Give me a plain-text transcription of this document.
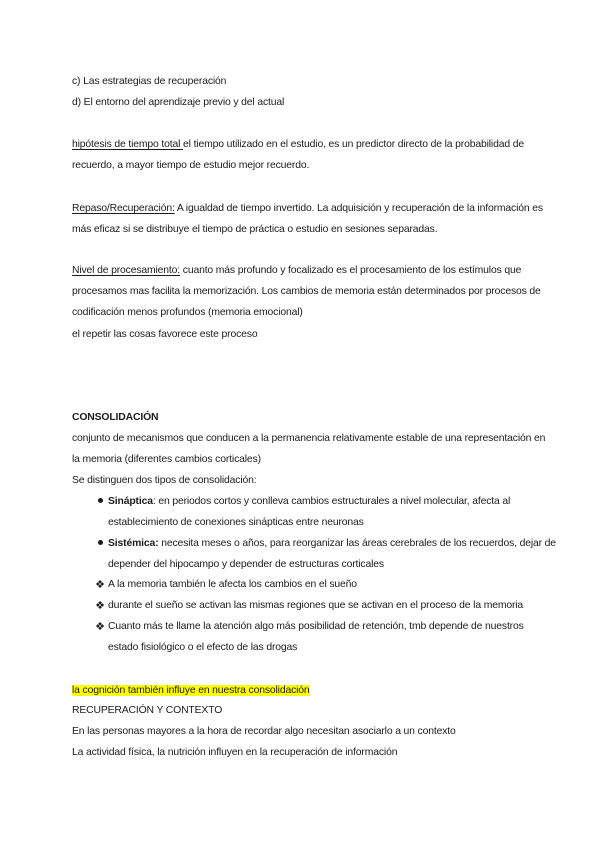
c) Las estrategias de recuperación
d) El entorno del aprendizaje previo y del actual
hipótesis de tiempo total el tiempo utilizado en el estudio, es un predictor directo de la probabilidad de
recuerdo, a mayor tiempo de estudio mejor recuerdo.
Repaso/Recuperación: A igualdad de tiempo invertido. La adquisición y recuperación de la información es
más eficaz si se distribuye el tiempo de práctica o estudio en sesiones separadas.
Nivel de procesamiento: cuanto más profundo y focalizado es el procesamiento de los estímulos que
procesamos mas facilita la memorización. Los cambios de memoria están determinados por procesos de
codificación menos profundos (memoria emocional)
el repetir las cosas favorece este proceso
CONSOLIDACIÓN
conjunto de mecanismos que conducen a la permanencia relativamente estable de una representación en
la memoria (diferentes cambios corticales)
Se distinguen dos tipos de consolidación:
Sináptica: en periodos cortos y conlleva cambios estructurales a nivel molecular, afecta al
establecimiento de conexiones sinápticas entre neuronas
Sistémica: necesita meses o años, para reorganizar las áreas cerebrales de los recuerdos, dejar de
depender del hipocampo y depender de estructuras corticales
❖ A la memoria también le afecta los cambios en el sueño
❖ durante el sueño se activan las mismas regiones que se activan en el proceso de la memoria
❖ Cuanto más te llame la atención algo más posibilidad de retención, tmb depende de nuestros
estado fisiológico o el efecto de las drogas
la cognición también influye en nuestra consolidación
RECUPERACIÓN Y CONTEXTO
En las personas mayores a la hora de recordar algo necesitan asociarlo a un contexto
La actividad física, la nutrición influyen en la recuperación de información
